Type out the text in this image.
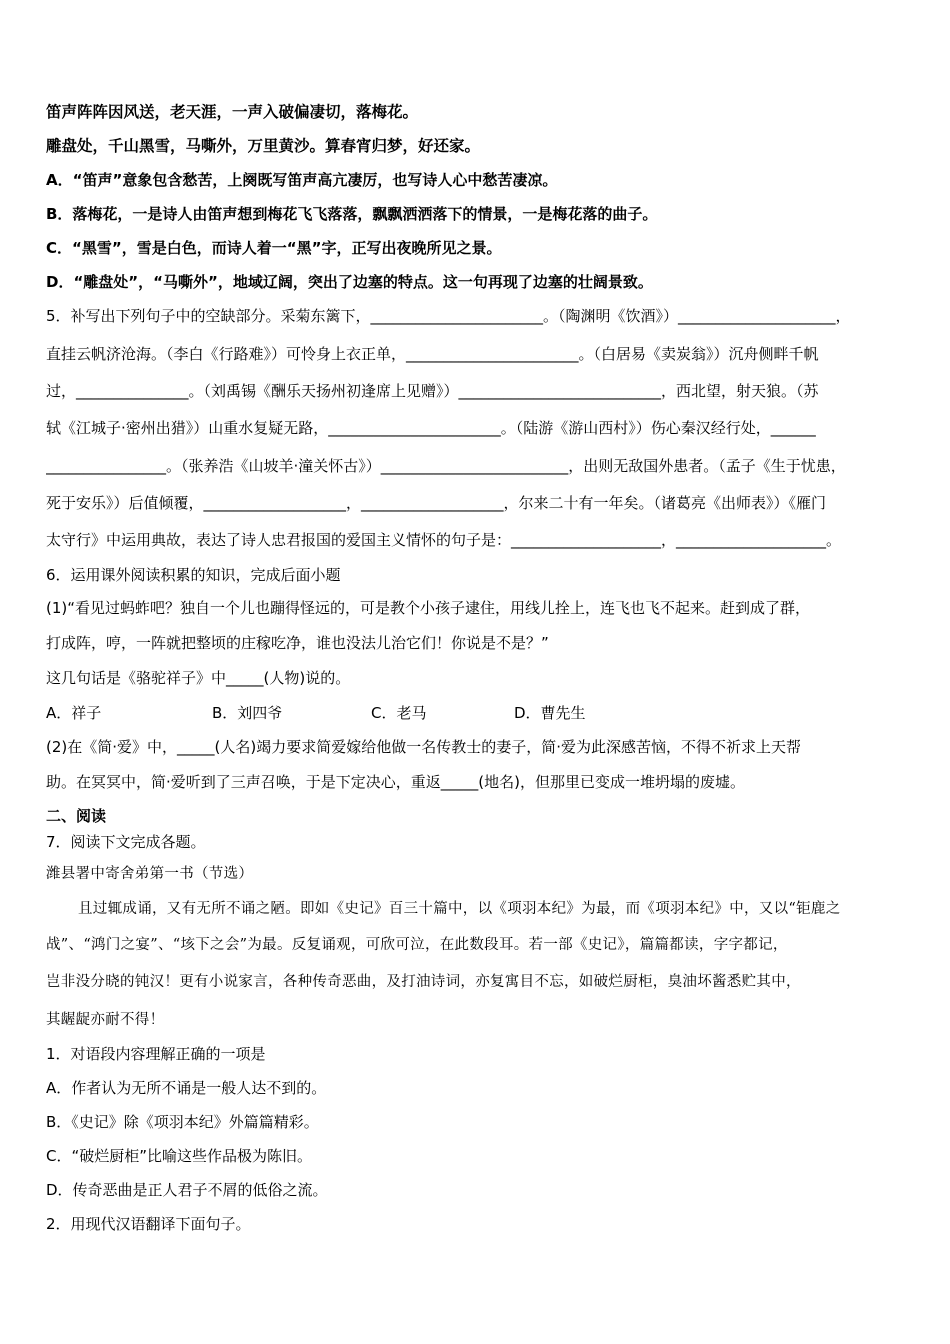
笛声阵阵因风送，老天涯，一声入破偏凄切，落梅花。
雕盘处，千山黑雪，马嘶外，万里黄沙。算春宵归梦，好还家。
A．“笛声”意象包含愁苦，上阕既写笛声高亢凄厉，也写诗人心中愁苦凄凉。
B．落梅花，一是诗人由笛声想到梅花飞飞落落，飘飘洒洒落下的情景，一是梅花落的曲子。
C．“黑雪”，雪是白色，而诗人着一“黑”字，正写出夜晚所见之景。
D．“雕盘处”，“马嘶外”，地域辽阔，突出了边塞的特点。这一句再现了边塞的壮阔景致。
5．补写出下列句子中的空缺部分。采菊东篱下，_______________________。（陶渊明《饮酒》）_____________________，
直挂云帆济沧海。（李白《行路难》）可怜身上衣正单，_______________________。（白居易《卖炭翁》）沉舟侧畔千帆
过，_______________。（刘禹锡《酬乐天扬州初逢席上见赠》）___________________________，西北望，射天狼。（苏
轼《江城子·密州出猎》）山重水复疑无路，_______________________。（陆游《游山西村》）伤心秦汉经行处，______
________________。（张养浩《山坡羊·潼关怀古》）_________________________，出则无敌国外患者。（孟子《生于忧患，
死于安乐》）后值倾覆，___________________，___________________，尔来二十有一年矣。（诸葛亮《出师表》）《雁门
太守行》中运用典故，表达了诗人忠君报国的爱国主义情怀的句子是：____________________，____________________。
6．运用课外阅读积累的知识，完成后面小题
(1)“看见过蚂蚱吧？独自一个儿也蹦得怪远的，可是教个小孩子逮住，用线儿拴上，连飞也飞不起来。赶到成了群，
打成阵，哼，一阵就把整顷的庄稼吃净，谁也没法儿治它们！你说是不是？”
这几句话是《骆驼祥子》中_____(人物)说的。
A．祥子	B．刘四爷	C．老马	D．曹先生
(2)在《简·爱》中，_____(人名)竭力要求简爱嫁给他做一名传教士的妻子，简·爱为此深感苦恼，不得不祈求上天帮
助。在冥冥中，简·爱听到了三声召唤，于是下定决心，重返_____(地名)，但那里已变成一堆坍塌的废墟。
二、阅读
7．阅读下文完成各题。
潍县署中寄舍弟第一书（节选）
且过辄成诵，又有无所不诵之陋。即如《史记》百三十篇中，以《项羽本纪》为最，而《项羽本纪》中，又以“钜鹿之
战”、“鸿门之宴”、“垓下之会”为最。反复诵观，可欣可泣，在此数段耳。若一部《史记》，篇篇都读，字字都记，
岂非没分晓的钝汉！更有小说家言，各种传奇恶曲，及打油诗词，亦复寓目不忘，如破烂厨柜，臭油坏酱悉贮其中，
其龌龊亦耐不得！
1．对语段内容理解正确的一项是
A．作者认为无所不诵是一般人达不到的。
B．《史记》除《项羽本纪》外篇篇精彩。
C．“破烂厨柜”比喻这些作品极为陈旧。
D．传奇恶曲是正人君子不屑的低俗之流。
2．用现代汉语翻译下面句子。
